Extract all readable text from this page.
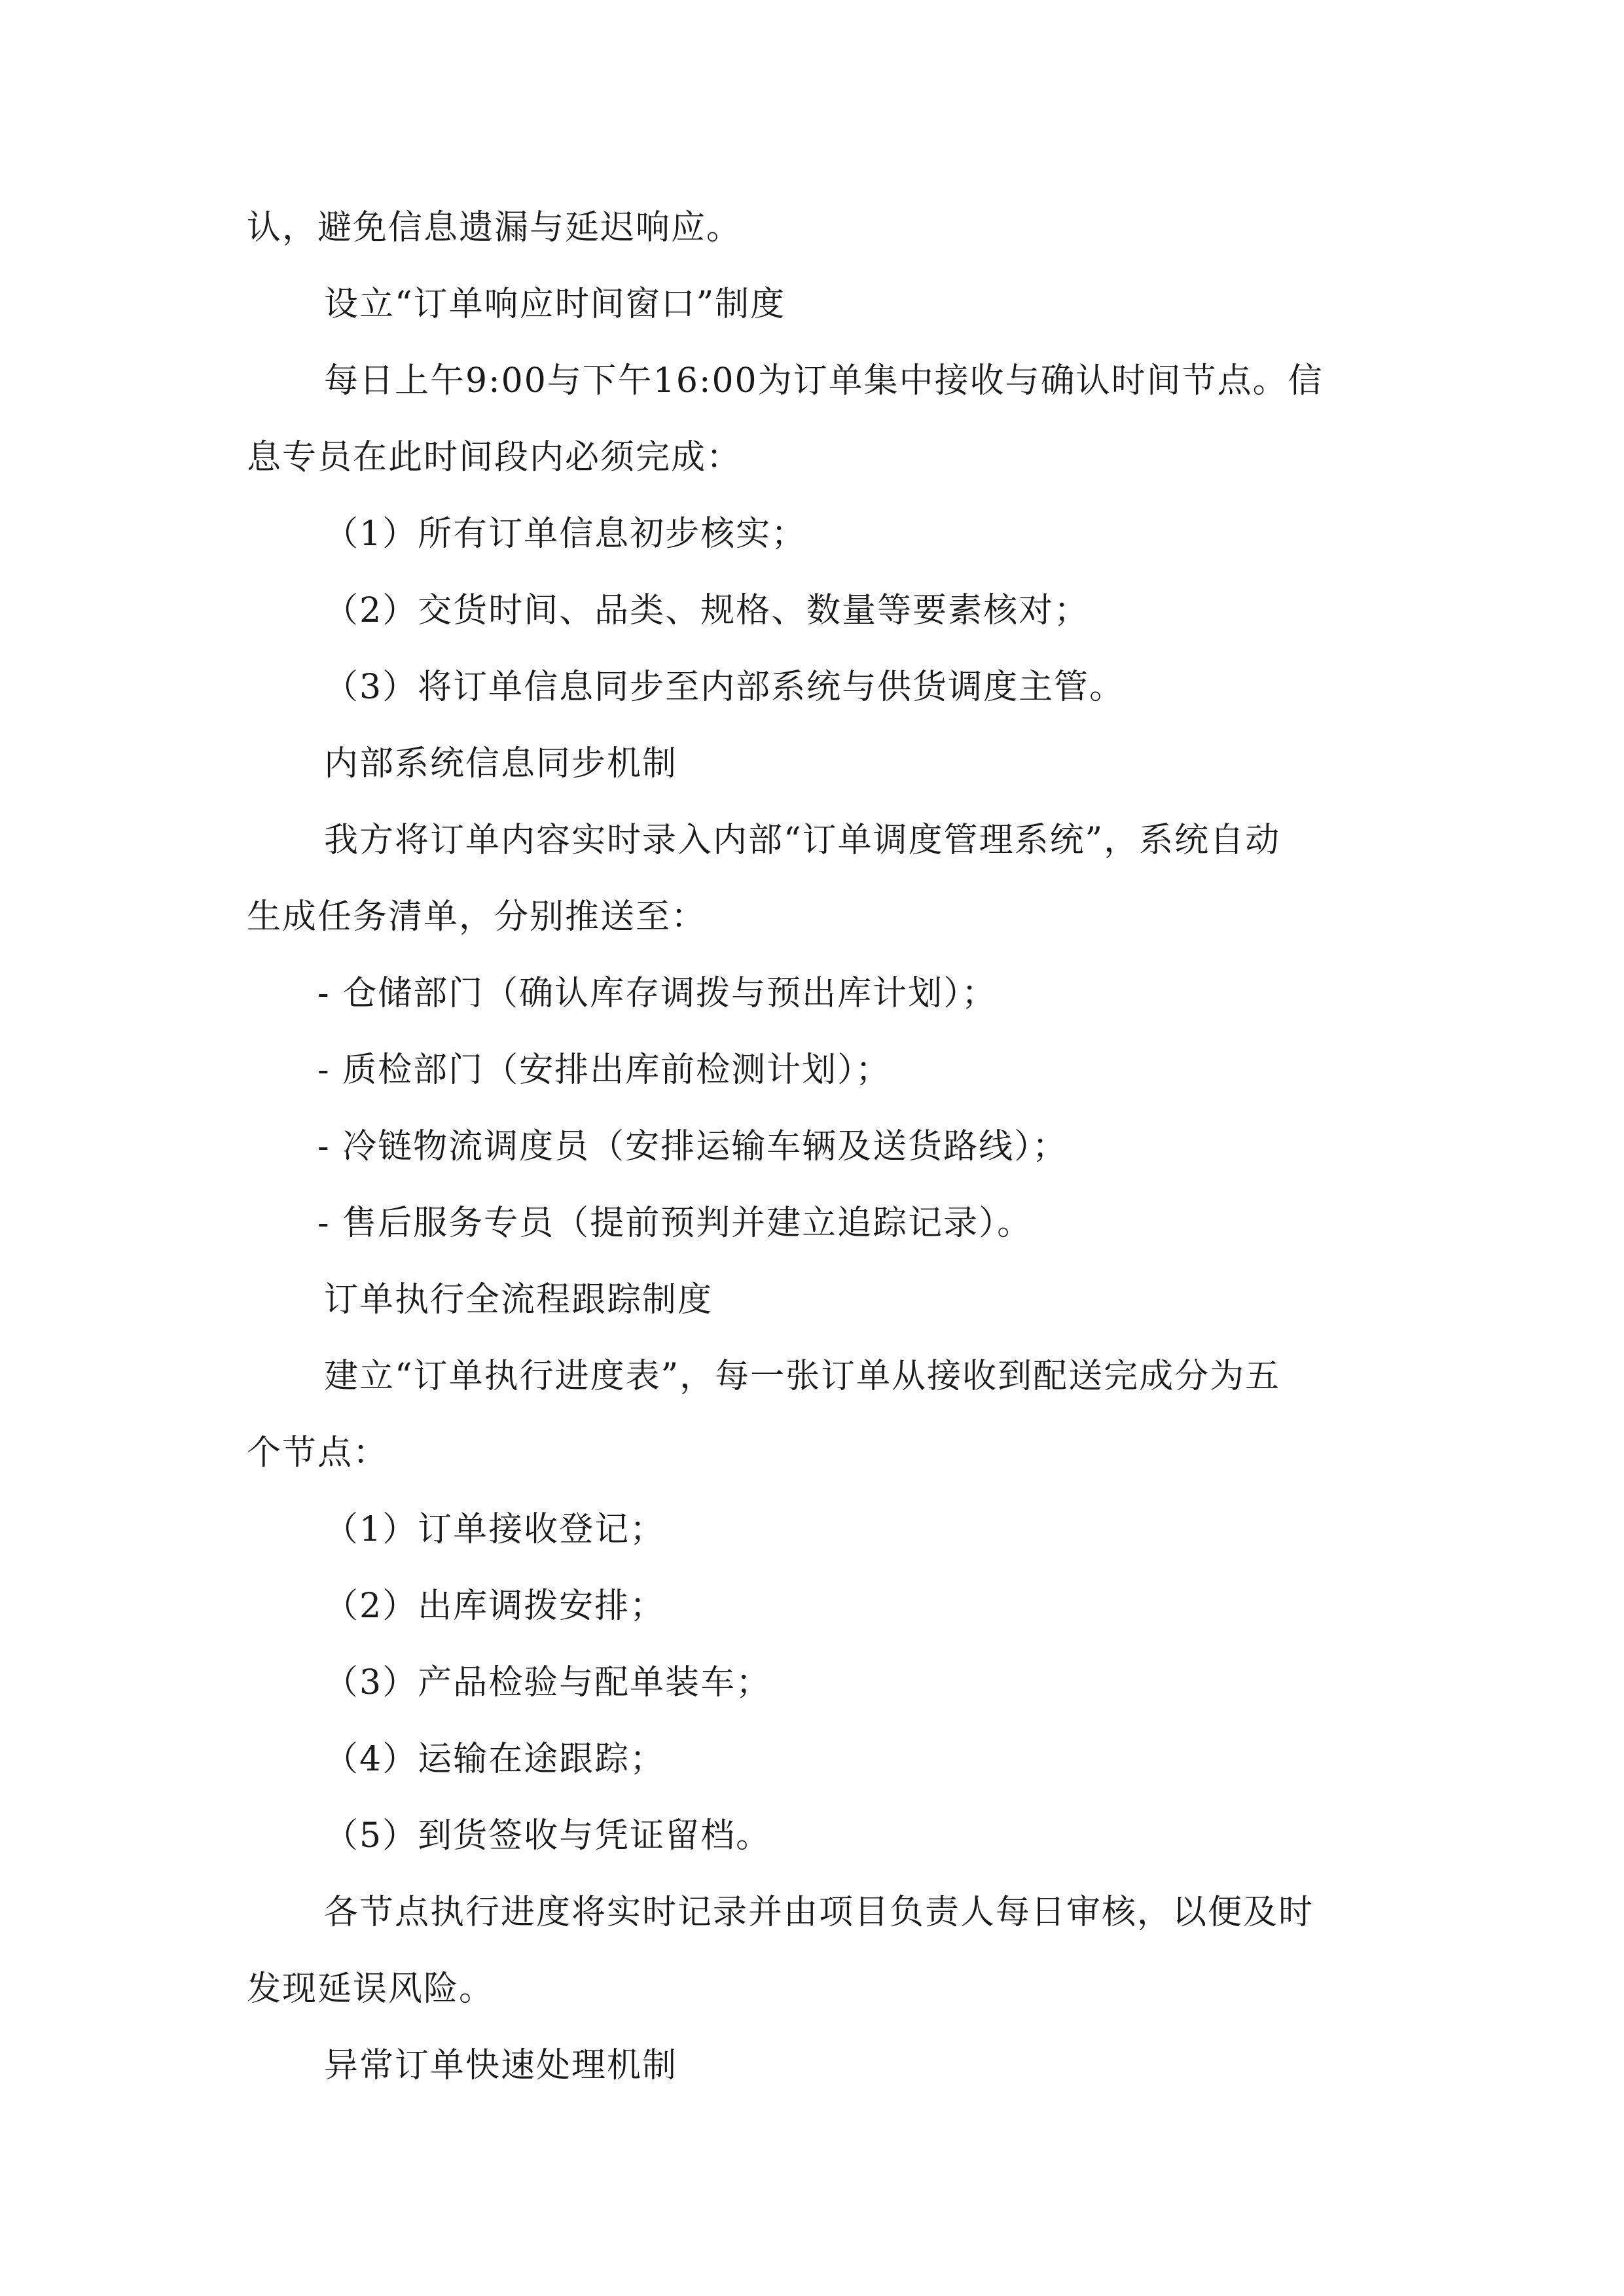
认，避免信息遗漏与延迟响应。
设立“订单响应时间窗口”制度
每日上午9:00与下午16:00为订单集中接收与确认时间节点。信
息专员在此时间段内必须完成：
（1）所有订单信息初步核实；
（2）交货时间、品类、规格、数量等要素核对；
（3）将订单信息同步至内部系统与供货调度主管。
内部系统信息同步机制
我方将订单内容实时录入内部“订单调度管理系统”，系统自动
生成任务清单，分别推送至：
- 仓储部门（确认库存调拨与预出库计划）；
- 质检部门（安排出库前检测计划）；
- 冷链物流调度员（安排运输车辆及送货路线）；
- 售后服务专员（提前预判并建立追踪记录）。
订单执行全流程跟踪制度
建立“订单执行进度表”，每一张订单从接收到配送完成分为五
个节点：
（1）订单接收登记；
（2）出库调拨安排；
（3）产品检验与配单装车；
（4）运输在途跟踪；
（5）到货签收与凭证留档。
各节点执行进度将实时记录并由项目负责人每日审核，以便及时
发现延误风险。
异常订单快速处理机制
